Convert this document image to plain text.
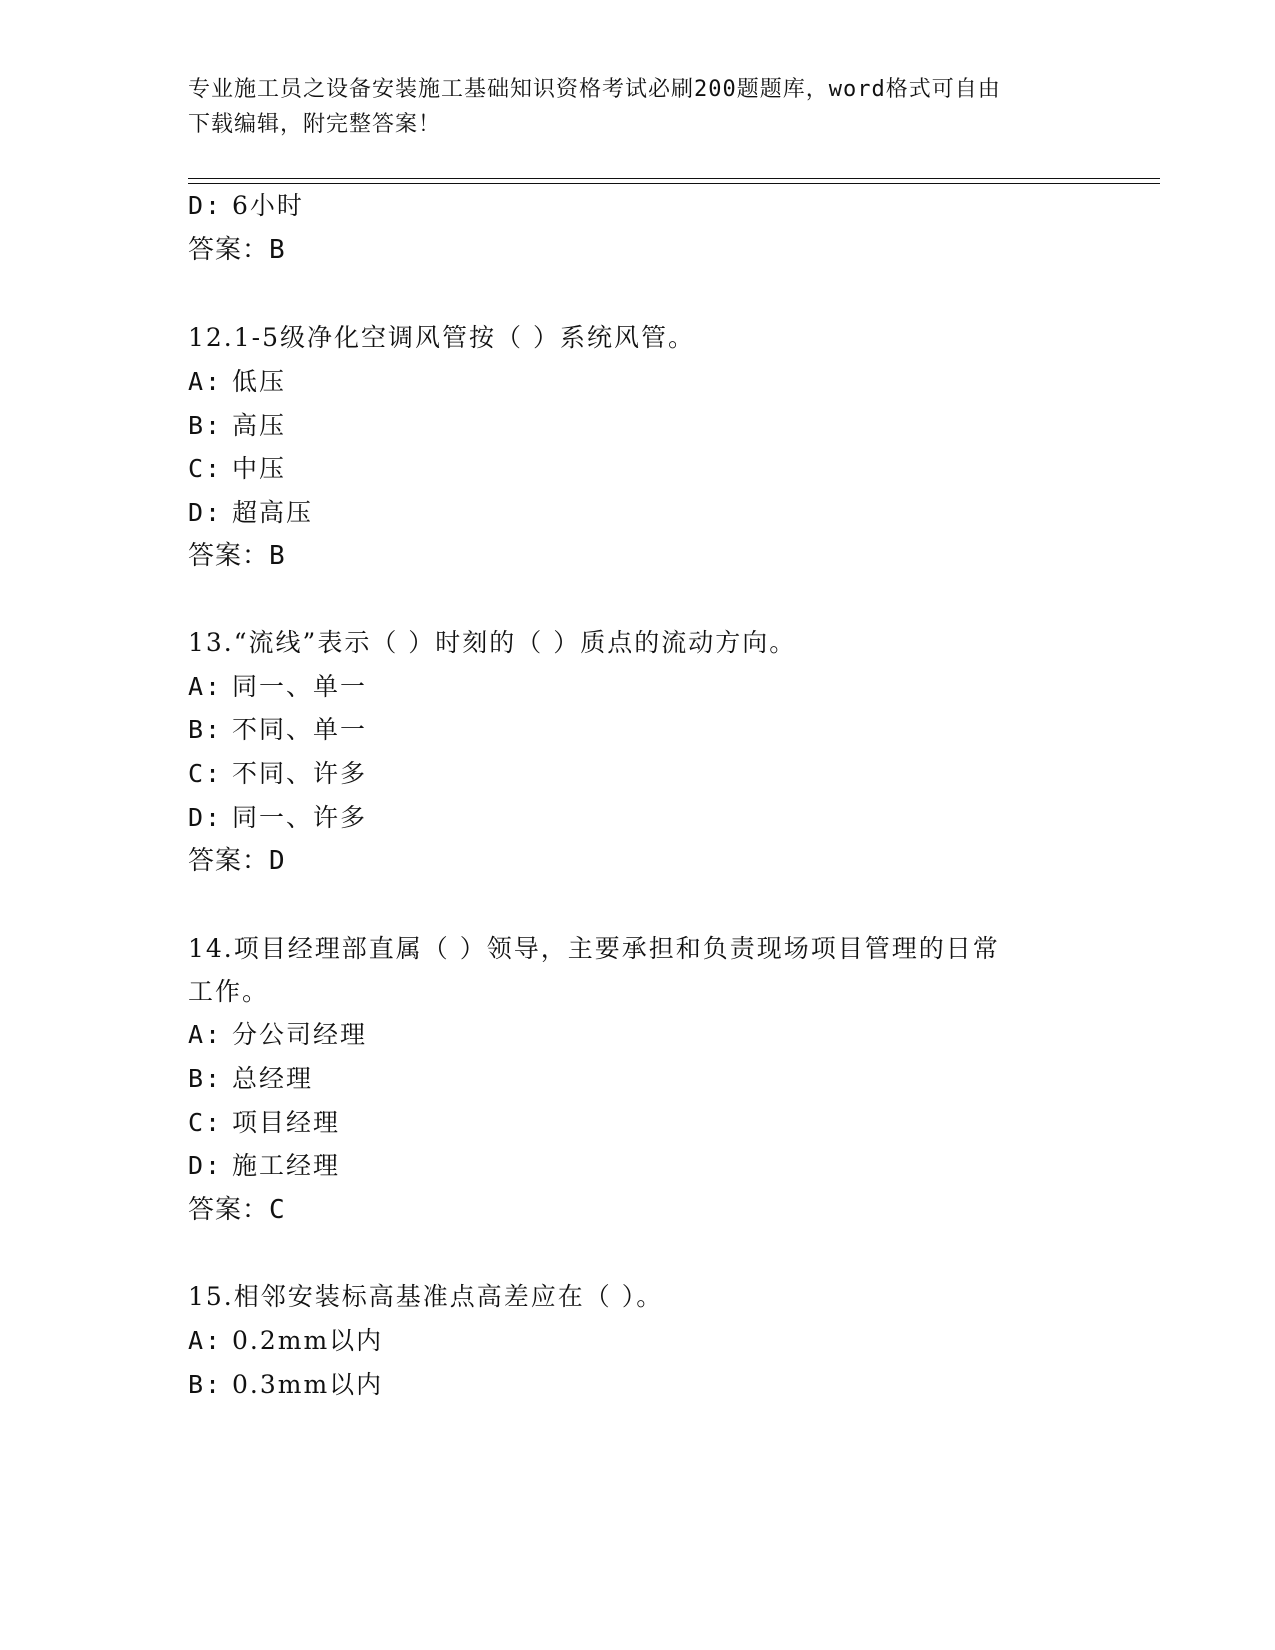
专业施工员之设备安装施工基础知识资格考试必刷200题题库，word格式可自由
下载编辑，附完整答案！
D: 6小时
答案：B
12.1-5级净化空调风管按（ ）系统风管。
A: 低压
B: 高压
C: 中压
D: 超高压
答案：B
13.“流线”表示（ ）时刻的（ ）质点的流动方向。
A: 同一、单一
B: 不同、单一
C: 不同、许多
D: 同一、许多
答案：D
14.项目经理部直属（ ）领导，主要承担和负责现场项目管理的日常
工作。
A: 分公司经理
B: 总经理
C: 项目经理
D: 施工经理
答案：C
15.相邻安装标高基准点高差应在（ ）。
A: 0.2mm以内
B: 0.3mm以内
